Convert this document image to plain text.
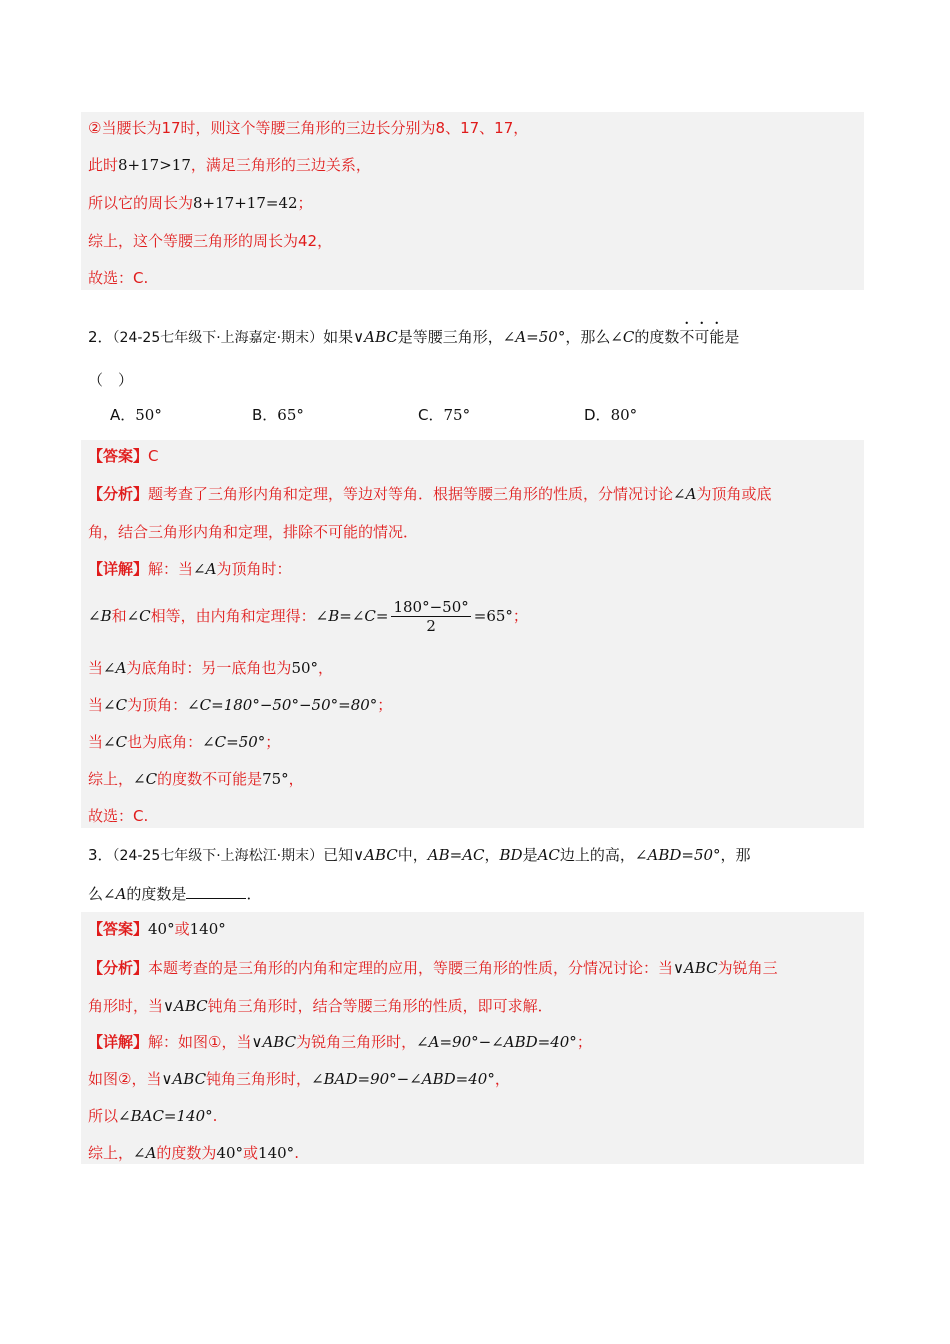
②当腰长为17时，则这个等腰三角形的三边长分别为8、17、17，
此时8+17>17，满足三角形的三边关系，
所以它的周长为8+17+17=42；
综上，这个等腰三角形的周长为42，
故选：C.
2．（24-25七年级下·上海嘉定·期末）如果∨ABC是等腰三角形，∠A=50°，那么∠C的度数不可能是
（　）
A．50°	B．65°	C．75°	D．80°
【答案】C
【分析】题考查了三角形内角和定理，等边对等角．根据等腰三角形的性质，分情况讨论∠A为顶角或底
角，结合三角形内角和定理，排除不可能的情况．
【详解】解：当∠A为顶角时：
∠B和∠C相等，由内角和定理得：∠B=∠C= $\frac{180^\circ-50^\circ}{2} =65^\circ$；
当∠A为底角时：另一底角也为50°，
当∠C为顶角：∠C=180°−50°−50°=80°；
当∠C也为底角：∠C=50°；
综上，∠C的度数不可能是75°，
故选：C.
3．（24-25七年级下·上海松江·期末）已知∨ABC中，AB=AC，BD是AC边上的高，∠ABD=50°，那
么∠A的度数是	．
【答案】40°或140°
【分析】本题考查的是三角形的内角和定理的应用，等腰三角形的性质，分情况讨论：当∨ABC为锐角三
角形时，当∨ABC钝角三角形时，结合等腰三角形的性质，即可求解．
【详解】解：如图①，当∨ABC为锐角三角形时，∠A=90°−∠ABD=40°；
如图②，当∨ABC钝角三角形时，∠BAD=90°−∠ABD=40°，
所以∠BAC=140°.
综上，∠A的度数为40°或140°.
